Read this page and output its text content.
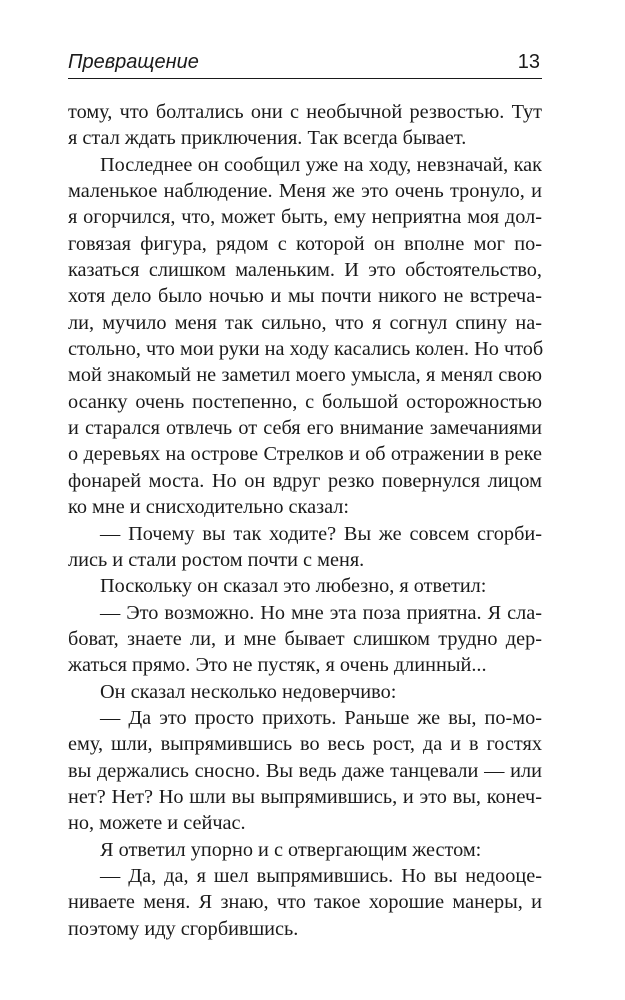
Превращение	13
тому, что болтались они с необычной резвостью. Тут
я стал ждать приключения. Так всегда бывает.
Последнее он сообщил уже на ходу, невзначай, как
маленькое наблюдение. Меня же это очень тронуло, и
я огорчился, что, может быть, ему неприятна моя дол-
говязая фигура, рядом с которой он вполне мог по-
казаться слишком маленьким. И это обстоятельство,
хотя дело было ночью и мы почти никого не встреча-
ли, мучило меня так сильно, что я согнул спину на-
стольно, что мои руки на ходу касались колен. Но чтоб
мой знакомый не заметил моего умысла, я менял свою
осанку очень постепенно, с большой осторожностью
и старался отвлечь от себя его внимание замечаниями
о деревьях на острове Стрелков и об отражении в реке
фонарей моста. Но он вдруг резко повернулся лицом
ко мне и снисходительно сказал:
— Почему вы так ходите? Вы же совсем сгорби-
лись и стали ростом почти с меня.
Поскольку он сказал это любезно, я ответил:
— Это возможно. Но мне эта поза приятна. Я сла-
боват, знаете ли, и мне бывает слишком трудно дер-
жаться прямо. Это не пустяк, я очень длинный...
Он сказал несколько недоверчиво:
— Да это просто прихоть. Раньше же вы, по-мо-
ему, шли, выпрямившись во весь рост, да и в гостях
вы держались сносно. Вы ведь даже танцевали — или
нет? Нет? Но шли вы выпрямившись, и это вы, конеч-
но, можете и сейчас.
Я ответил упорно и с отвергающим жестом:
— Да, да, я шел выпрямившись. Но вы недооце-
ниваете меня. Я знаю, что такое хорошие манеры, и
поэтому иду сгорбившись.
